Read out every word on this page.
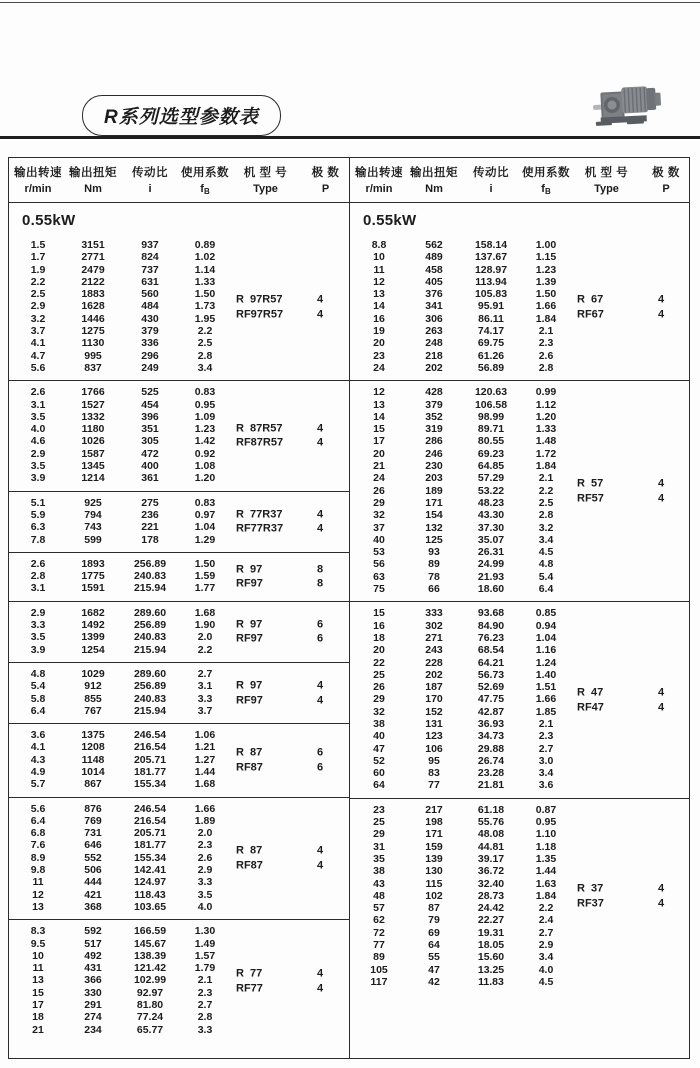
R系列选型参数表
输出转速 输出扭矩	传动比	使用系数	机 型 号	极 数
r/min	Nm	i	$f_B$	Type	P
0.55kW
1.5	3151	937	0.89
1.7	2771	824	1.02
1.9	2479	737	1.14
2.2	2122	631	1.33
2.5	1883	560	1.50
2.9	1628	484	1.73
3.2	1446	430	1.95
3.7	1275	379	2.2
4.1	1130	336	2.5
4.7	995	296	2.8
5.6	837	249	3.4
R  97R57
RF97R57
4
4
2.6	1766	525	0.83
3.1	1527	454	0.95
3.5	1332	396	1.09
4.0	1180	351	1.23
4.6	1026	305	1.42
2.9	1587	472	0.92
3.5	1345	400	1.08
3.9	1214	361	1.20
R  87R57
RF87R57
4
4
5.1	925	275	0.83
5.9	794	236	0.97
6.3	743	221	1.04
7.8	599	178	1.29
R  77R37
RF77R37
4
4
2.6	1893	256.89	1.50
2.8	1775	240.83	1.59
3.1	1591	215.94	1.77
R  97
RF97
8
8
2.9	1682	289.60	1.68
3.3	1492	256.89	1.90
3.5	1399	240.83	2.0
3.9	1254	215.94	2.2
R  97
RF97
6
6
4.8	1029	289.60	2.7
5.4	912	256.89	3.1
5.8	855	240.83	3.3
6.4	767	215.94	3.7
R  97
RF97
4
4
3.6	1375	246.54	1.06
4.1	1208	216.54	1.21
4.3	1148	205.71	1.27
4.9	1014	181.77	1.44
5.7	867	155.34	1.68
R  87
RF87
6
6
5.6	876	246.54	1.66
6.4	769	216.54	1.89
6.8	731	205.71	2.0
7.6	646	181.77	2.3
8.9	552	155.34	2.6
9.8	506	142.41	2.9
11	444	124.97	3.3
12	421	118.43	3.5
13	368	103.65	4.0
R  87
RF87
4
4
8.3	592	166.59	1.30
9.5	517	145.67	1.49
10	492	138.39	1.57
11	431	121.42	1.79
13	366	102.99	2.1
15	330	92.97	2.3
17	291	81.80	2.7
18	274	77.24	2.8
21	234	65.77	3.3
R  77
RF77
4
4
输出转速 输出扭矩	传动比	使用系数	机 型 号	极 数
r/min	Nm	i	$f_B$	Type	P
0.55kW
8.8	562	158.14	1.00
10	489	137.67	1.15
11	458	128.97	1.23
12	405	113.94	1.39
13	376	105.83	1.50
14	341	95.91	1.66
16	306	86.11	1.84
19	263	74.17	2.1
20	248	69.75	2.3
23	218	61.26	2.6
24	202	56.89	2.8
R  67
RF67
4
4
12	428	120.63	0.99
13	379	106.58	1.12
14	352	98.99	1.20
15	319	89.71	1.33
17	286	80.55	1.48
20	246	69.23	1.72
21	230	64.85	1.84
24	203	57.29	2.1
26	189	53.22	2.2
29	171	48.23	2.5
32	154	43.30	2.8
37	132	37.30	3.2
40	125	35.07	3.4
53	93	26.31	4.5
56	89	24.99	4.8
63	78	21.93	5.4
75	66	18.60	6.4
R  57
RF57
4
4
15	333	93.68	0.85
16	302	84.90	0.94
18	271	76.23	1.04
20	243	68.54	1.16
22	228	64.21	1.24
25	202	56.73	1.40
26	187	52.69	1.51
29	170	47.75	1.66
32	152	42.87	1.85
38	131	36.93	2.1
40	123	34.73	2.3
47	106	29.88	2.7
52	95	26.74	3.0
60	83	23.28	3.4
64	77	21.81	3.6
R  47
RF47
4
4
23	217	61.18	0.87
25	198	55.76	0.95
29	171	48.08	1.10
31	159	44.81	1.18
35	139	39.17	1.35
38	130	36.72	1.44
43	115	32.40	1.63
48	102	28.73	1.84
57	87	24.42	2.2
62	79	22.27	2.4
72	69	19.31	2.7
77	64	18.05	2.9
89	55	15.60	3.4
105	47	13.25	4.0
117	42	11.83	4.5
R  37
RF37
4
4
